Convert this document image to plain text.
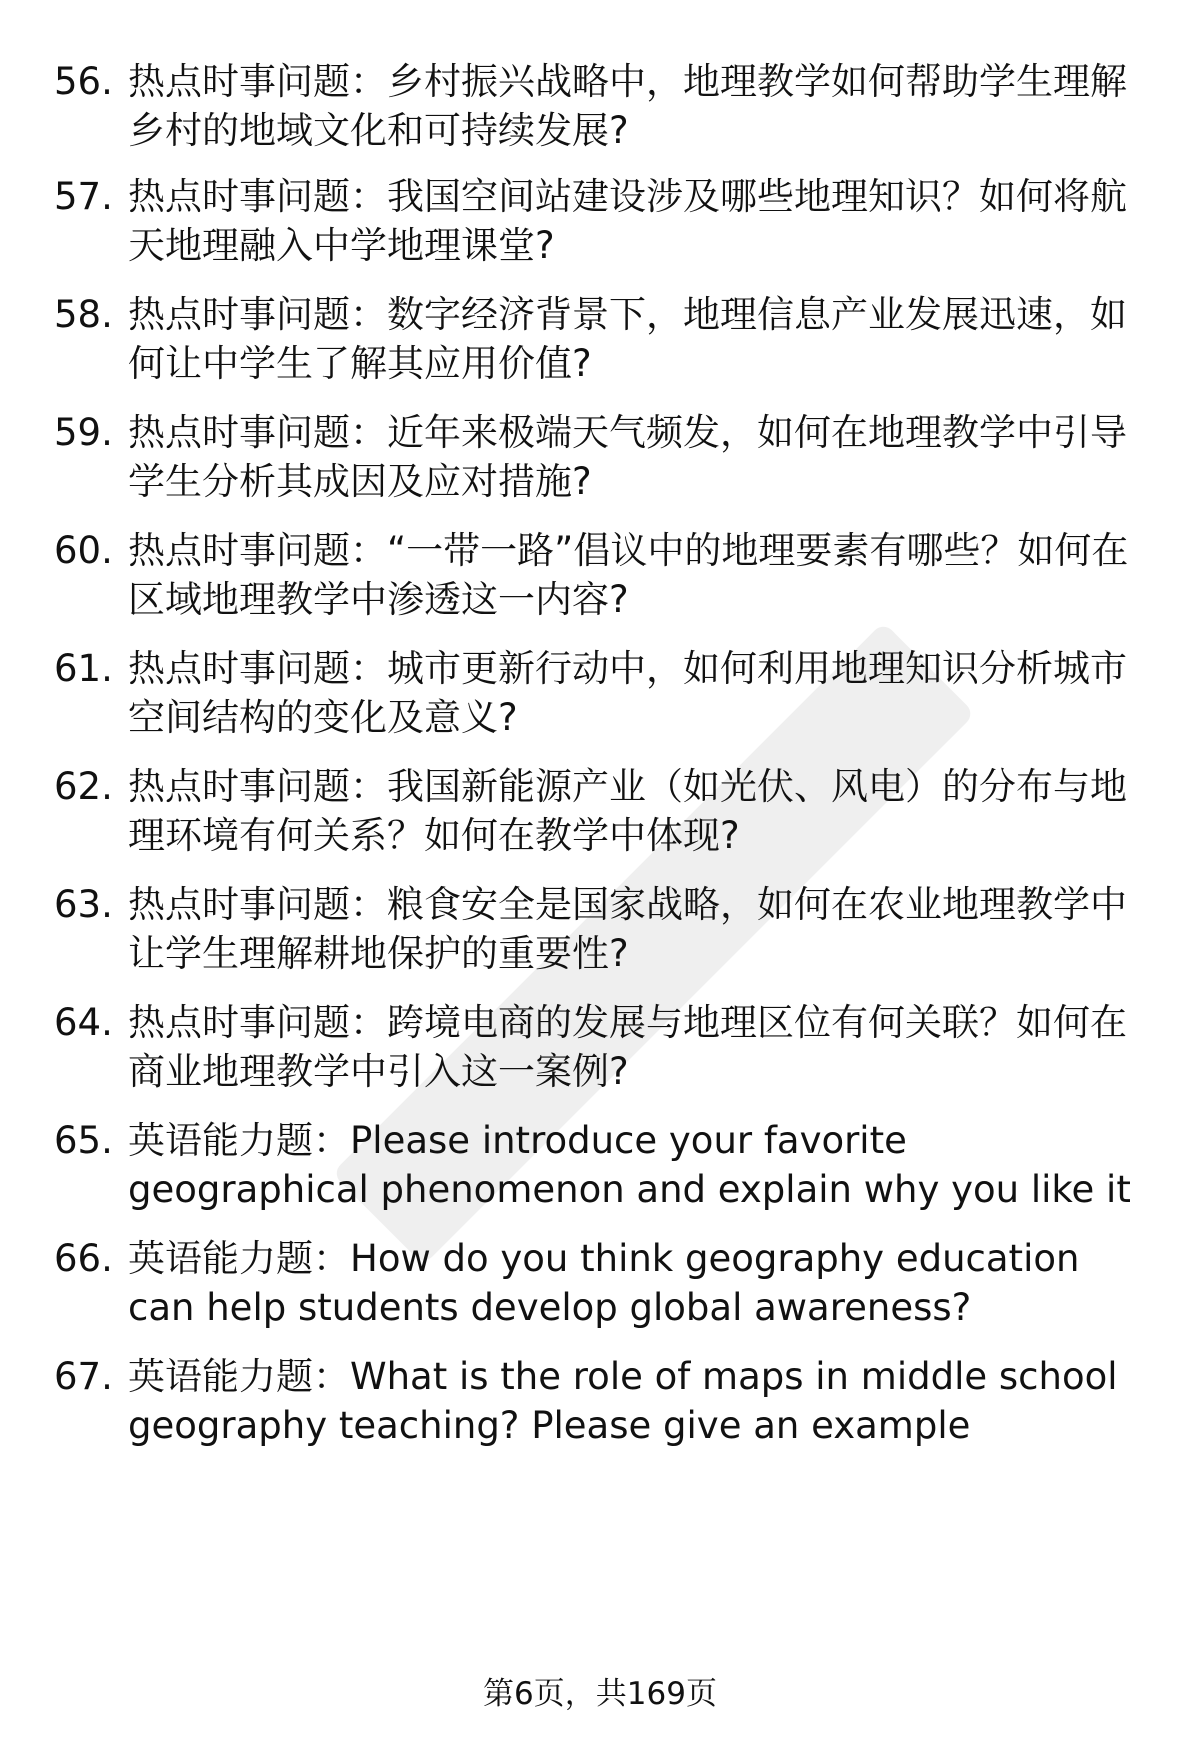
56. 热点时事问题：乡村振兴战略中，地理教学如何帮助学生理解乡村的地域文化和可持续发展?
57. 热点时事问题：我国空间站建设涉及哪些地理知识？如何将航天地理融入中学地理课堂?
58. 热点时事问题：数字经济背景下，地理信息产业发展迅速，如何让中学生了解其应用价值?
59. 热点时事问题：近年来极端天气频发，如何在地理教学中引导学生分析其成因及应对措施?
60. 热点时事问题：“一带一路”倡议中的地理要素有哪些？如何在区域地理教学中渗透这一内容?
61. 热点时事问题：城市更新行动中，如何利用地理知识分析城市空间结构的变化及意义?
62. 热点时事问题：我国新能源产业（如光伏、风电）的分布与地理环境有何关系？如何在教学中体现?
63. 热点时事问题：粮食安全是国家战略，如何在农业地理教学中让学生理解耕地保护的重要性?
64. 热点时事问题：跨境电商的发展与地理区位有何关联？如何在商业地理教学中引入这一案例?
65. 英语能力题：Please introduce your favorite geographical phenomenon and explain why you like it
66. 英语能力题：How do you think geography education can help students develop global awareness?
67. 英语能力题：What is the role of maps in middle school geography teaching? Please give an example
第6页，共169页
